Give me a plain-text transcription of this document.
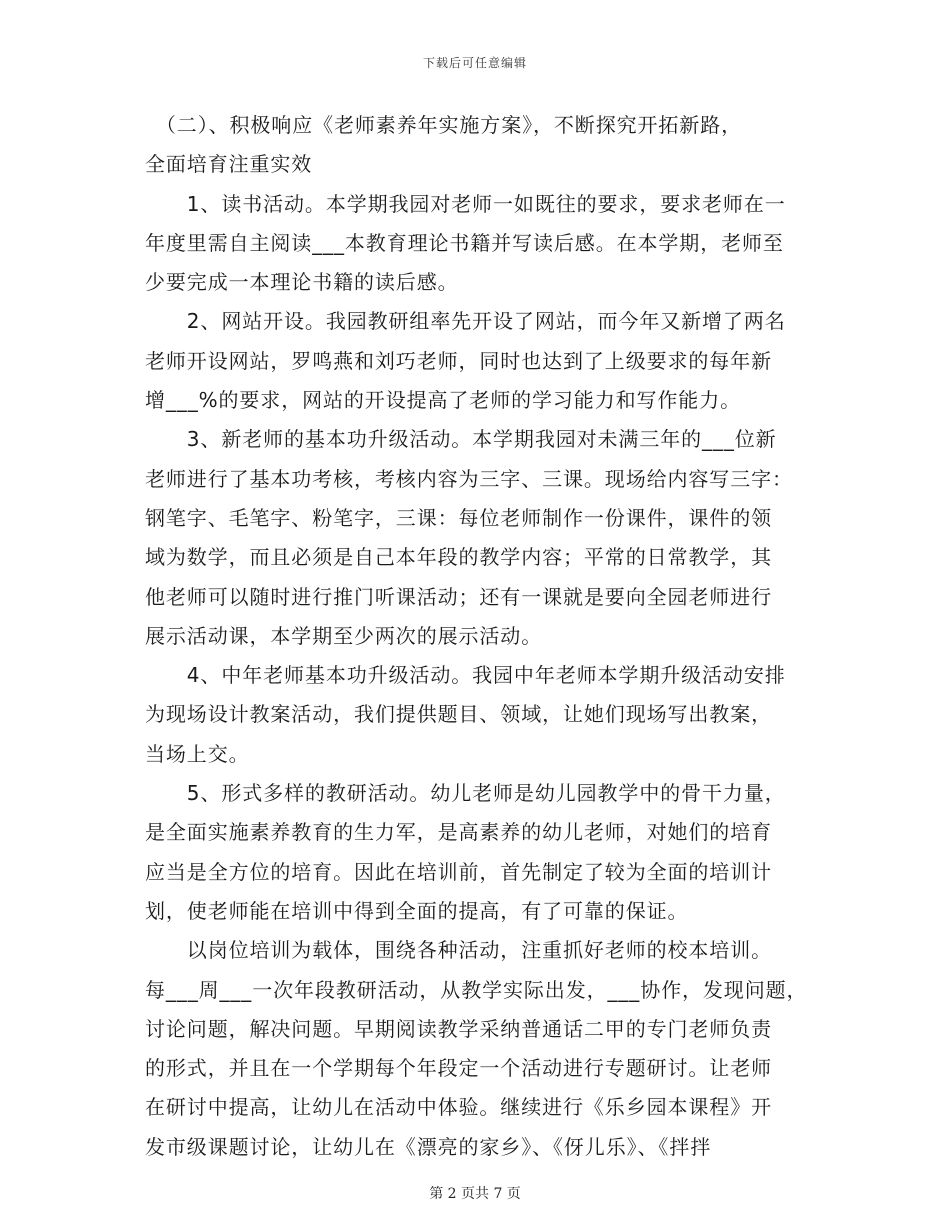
下载后可任意编辑
　（二）、积极响应《老师素养年实施方案》，不断探究开拓新路，
全面培育注重实效
　　1、读书活动。本学期我园对老师一如既往的要求，要求老师在一
年度里需自主阅读___本教育理论书籍并写读后感。在本学期，老师至
少要完成一本理论书籍的读后感。
　　2、网站开设。我园教研组率先开设了网站，而今年又新增了两名
老师开设网站，罗鸣燕和刘巧老师，同时也达到了上级要求的每年新
增___%的要求，网站的开设提高了老师的学习能力和写作能力。
　　3、新老师的基本功升级活动。本学期我园对未满三年的___位新
老师进行了基本功考核，考核内容为三字、三课。现场给内容写三字：
钢笔字、毛笔字、粉笔字，三课：每位老师制作一份课件，课件的领
域为数学，而且必须是自己本年段的教学内容；平常的日常教学，其
他老师可以随时进行推门听课活动；还有一课就是要向全园老师进行
展示活动课，本学期至少两次的展示活动。
　　4、中年老师基本功升级活动。我园中年老师本学期升级活动安排
为现场设计教案活动，我们提供题目、领域，让她们现场写出教案，
当场上交。
　　5、形式多样的教研活动。幼儿老师是幼儿园教学中的骨干力量，
是全面实施素养教育的生力军，是高素养的幼儿老师，对她们的培育
应当是全方位的培育。因此在培训前，首先制定了较为全面的培训计
划，使老师能在培训中得到全面的提高，有了可靠的保证。
　　以岗位培训为载体，围绕各种活动，注重抓好老师的校本培训。
每___周___一次年段教研活动，从教学实际出发，___协作，发现问题，
讨论问题，解决问题。早期阅读教学采纳普通话二甲的专门老师负责
的形式，并且在一个学期每个年段定一个活动进行专题研讨。让老师
在研讨中提高，让幼儿在活动中体验。继续进行《乐乡园本课程》开
发市级课题讨论，让幼儿在《漂亮的家乡》、《伢儿乐》、《拌拌
第 2 页共 7 页
